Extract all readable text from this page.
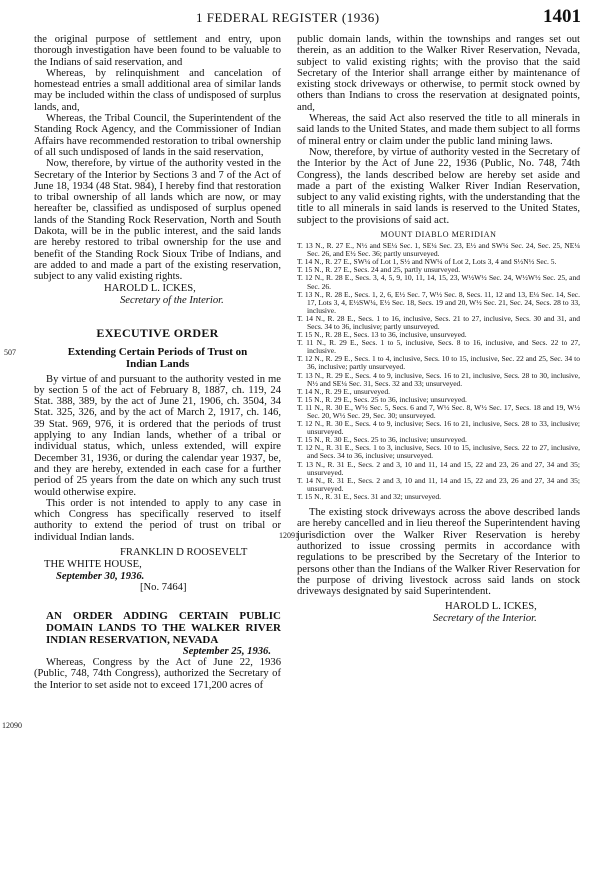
1 FEDERAL REGISTER (1936)	1401
507
12090
12091

the original purpose of settlement and entry, upon thorough investigation have been found to be valuable to the Indians of said reservation, and

Whereas, by relinquishment and cancelation of homestead entries a small additional area of similar lands may be included within the class of undisposed of surplus lands, and,

Whereas, the Tribal Council, the Superintendent of the Standing Rock Agency, and the Commissioner of Indian Affairs have recommended restoration to tribal ownership of all such undisposed of lands in the said reservation,

Now, therefore, by virtue of the authority vested in the Secretary of the Interior by Sections 3 and 7 of the Act of June 18, 1934 (48 Stat. 984), I hereby find that restoration to tribal ownership of all lands which are now, or may hereafter be, classified as undisposed of surplus opened lands of the Standing Rock Reservation, North and South Dakota, will be in the public interest, and the said lands are hereby restored to tribal ownership for the use and benefit of the Standing Rock Sioux Tribe of Indians, and are added to and made a part of the existing reservation, subject to any valid existing rights.

HAROLD L. ICKES,

Secretary of the Interior.

EXECUTIVE ORDER

Extending Certain Periods of Trust on Indian Lands

By virtue of and pursuant to the authority vested in me by section 5 of the act of February 8, 1887, ch. 119, 24 Stat. 388, 389, by the act of June 21, 1906, ch. 3504, 34 Stat. 325, 326, and by the act of March 2, 1917, ch. 146, 39 Stat. 969, 976, it is ordered that the periods of trust applying to any Indian lands, whether of a tribal or individual status, which, unless extended, will expire December 31, 1936, or during the calendar year 1937, be, and they are hereby, extended in each case for a further period of 25 years from the date on which any such trust would otherwise expire.

This order is not intended to apply to any case in which Congress has specifically reserved to itself authority to extend the period of trust on tribal or individual Indian lands.

FRANKLIN D ROOSEVELT

THE WHITE HOUSE,

September 30, 1936.

[No. 7464]

AN ORDER ADDING CERTAIN PUBLIC DOMAIN LANDS TO THE WALKER RIVER INDIAN RESERVATION, NEVADA

September 25, 1936.

Whereas, Congress by the Act of June 22, 1936 (Public, 748, 74th Congress), authorized the Secretary of the Interior to set aside not to exceed 171,200 acres of

public domain lands, within the townships and ranges set out therein, as an addition to the Walker River Reservation, Nevada, subject to valid existing rights; with the proviso that the said Secretary of the Interior shall arrange either by maintenance of existing stock driveways or otherwise, to permit stock owned by others than Indians to cross the reservation at designated points, and,

Whereas, the said Act also reserved the title to all minerals in said lands to the United States, and made them subject to all forms of mineral entry or claim under the public land mining laws.

Now, therefore, by virtue of authority vested in the Secretary of the Interior by the Act of June 22, 1936 (Public, No. 748, 74th Congress), the lands described below are hereby set aside and made a part of the existing Walker River Indian Reservation, subject to any valid existing rights, with the understanding that the title to all minerals in said lands is reserved to the United States, subject to the provisions of said act.

MOUNT DIABLO MERIDIAN

T. 13 N., R. 27 E., N½ and SE¼ Sec. 1, SE¼ Sec. 23, E½ and SW¼ Sec. 24, Sec. 25, NE¼ Sec. 26, and E½ Sec. 36; partly unsurveyed.

T. 14 N., R. 27 E., SW¼ of Lot 1, S½ and NW¼ of Lot 2, Lots 3, 4 and S½N½ Sec. 5.

T. 15 N., R. 27 E., Secs. 24 and 25, partly unsurveyed.

T. 12 N., R. 28 E., Secs. 3, 4, 5, 9, 10, 11, 14, 15, 23, W½W½ Sec. 24, W½W½ Sec. 25, and Sec. 26.

T. 13 N., R. 28 E., Secs. 1, 2, 6, E½ Sec. 7, W½ Sec. 8, Secs. 11, 12 and 13, E¼ Sec. 14, Sec. 17, Lots 3, 4, E½SW¼, E½ Sec. 18, Secs. 19 and 20, W½ Sec. 21, Sec. 24, Secs. 28 to 33, inclusive.

T. 14 N., R. 28 E., Secs. 1 to 16, inclusive, Secs. 21 to 27, inclusive, Secs. 30 and 31, and Secs. 34 to 36, inclusive; partly unsurveyed.

T. 15 N., R. 28 E., Secs. 13 to 36, inclusive, unsurveyed.

T. 11 N., R. 29 E., Secs. 1 to 5, inclusive, Secs. 8 to 16, inclusive, and Secs. 22 to 27, inclusive.

T. 12 N., R. 29 E., Secs. 1 to 4, inclusive, Secs. 10 to 15, inclusive, Sec. 22 and 25, Sec. 34 to 36, inclusive; partly unsurveyed.

T. 13 N., R. 29 E., Secs. 4 to 9, inclusive, Secs. 16 to 21, inclusive, Secs. 28 to 30, inclusive, N½ and SE¼ Sec. 31, Secs. 32 and 33; unsurveyed.

T. 14 N., R. 29 E., unsurveyed.

T. 15 N., R. 29 E., Secs. 25 to 36, inclusive; unsurveyed.

T. 11 N., R. 30 E., W½ Sec. 5, Secs. 6 and 7, W½ Sec. 8, W½ Sec. 17, Secs. 18 and 19, W½ Sec. 20, W½ Sec. 29, Sec. 30; unsurveyed.

T. 12 N., R. 30 E., Secs. 4 to 9, inclusive; Secs. 16 to 21, inclusive, Secs. 28 to 33, inclusive; unsurveyed.

T. 15 N., R. 30 E., Secs. 25 to 36, inclusive; unsurveyed.

T. 12 N., R. 31 E., Secs. 1 to 3, inclusive, Secs. 10 to 15, inclusive, Secs. 22 to 27, inclusive, and Secs. 34 to 36, inclusive; unsurveyed.

T. 13 N., R. 31 E., Secs. 2 and 3, 10 and 11, 14 and 15, 22 and 23, 26 and 27, 34 and 35; unsurveyed.

T. 14 N., R. 31 E., Secs. 2 and 3, 10 and 11, 14 and 15, 22 and 23, 26 and 27, 34 and 35; unsurveyed.

T. 15 N., R. 31 E., Secs. 31 and 32; unsurveyed.

The existing stock driveways across the above described lands are hereby cancelled and in lieu thereof the Superintendent having jurisdiction over the Walker River Reservation is hereby authorized to issue crossing permits in accordance with regulations to be prescribed by the Secretary of the Interior to persons other than the Indians of the Walker River Reservation for the purpose of driving livestock across said lands on stock driveways designated by said Superintendent.

HAROLD L. ICKES,

Secretary of the Interior.
